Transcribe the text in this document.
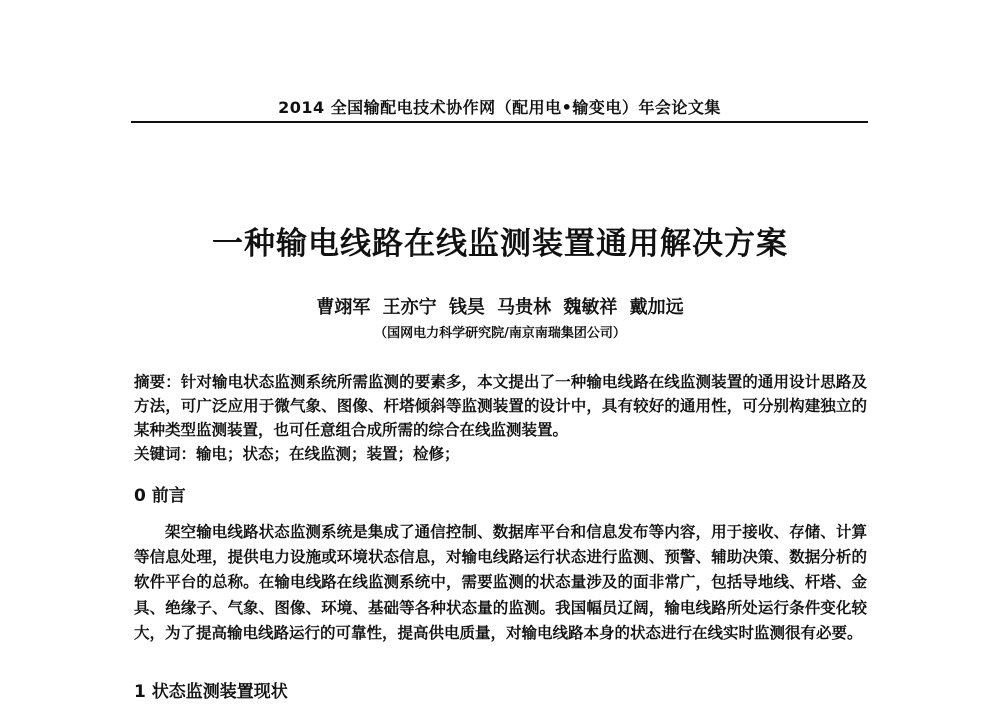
2014 全国输配电技术协作网（配用电•输变电）年会论文集
一种输电线路在线监测装置通用解决方案
曹翊军 王亦宁 钱昊 马贵林 魏敏祥 戴加远
（国网电力科学研究院/南京南瑞集团公司）
摘要：针对输电状态监测系统所需监测的要素多，本文提出了一种输电线路在线监测装置的通用设计思路及方法，可广泛应用于微气象、图像、杆塔倾斜等监测装置的设计中，具有较好的通用性，可分别构建独立的某种类型监测装置，也可任意组合成所需的综合在线监测装置。
关键词：输电；状态；在线监测；装置；检修；
0 前言
架空输电线路状态监测系统是集成了通信控制、数据库平台和信息发布等内容，用于接收、存储、计算等信息处理，提供电力设施或环境状态信息，对输电线路运行状态进行监测、预警、辅助决策、数据分析的软件平台的总称。在输电线路在线监测系统中，需要监测的状态量涉及的面非常广，包括导地线、杆塔、金具、绝缘子、气象、图像、环境、基础等各种状态量的监测。我国幅员辽阔，输电线路所处运行条件变化较大，为了提高输电线路运行的可靠性，提高供电质量，对输电线路本身的状态进行在线实时监测很有必要。
1 状态监测装置现状
